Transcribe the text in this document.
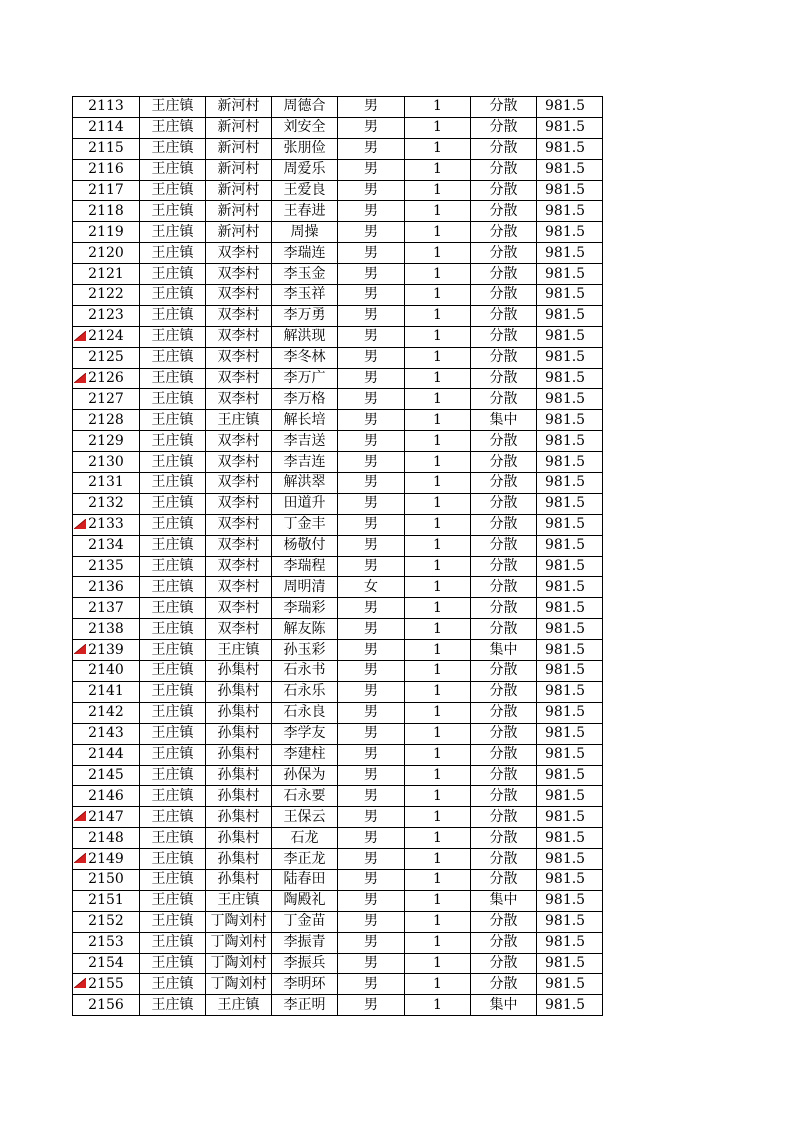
2113	王庄镇	新河村	周德合	男	1	分散	981.5
2114	王庄镇	新河村	刘安全	男	1	分散	981.5
2115	王庄镇	新河村	张朋俭	男	1	分散	981.5
2116	王庄镇	新河村	周爱乐	男	1	分散	981.5
2117	王庄镇	新河村	王爱良	男	1	分散	981.5
2118	王庄镇	新河村	王春进	男	1	分散	981.5
2119	王庄镇	新河村	周操	男	1	分散	981.5
2120	王庄镇	双李村	李瑞连	男	1	分散	981.5
2121	王庄镇	双李村	李玉金	男	1	分散	981.5
2122	王庄镇	双李村	李玉祥	男	1	分散	981.5
2123	王庄镇	双李村	李万勇	男	1	分散	981.5

2124	王庄镇	双李村	解洪现	男	1	分散	981.5
2125	王庄镇	双李村	李冬林	男	1	分散	981.5

2126	王庄镇	双李村	李万广	男	1	分散	981.5
2127	王庄镇	双李村	李万格	男	1	分散	981.5
2128	王庄镇	王庄镇	解长培	男	1	集中	981.5
2129	王庄镇	双李村	李吉送	男	1	分散	981.5
2130	王庄镇	双李村	李吉连	男	1	分散	981.5
2131	王庄镇	双李村	解洪翠	男	1	分散	981.5
2132	王庄镇	双李村	田道升	男	1	分散	981.5

2133	王庄镇	双李村	丁金丰	男	1	分散	981.5
2134	王庄镇	双李村	杨敬付	男	1	分散	981.5
2135	王庄镇	双李村	李瑞程	男	1	分散	981.5
2136	王庄镇	双李村	周明清	女	1	分散	981.5
2137	王庄镇	双李村	李瑞彩	男	1	分散	981.5
2138	王庄镇	双李村	解友陈	男	1	分散	981.5

2139	王庄镇	王庄镇	孙玉彩	男	1	集中	981.5
2140	王庄镇	孙集村	石永书	男	1	分散	981.5
2141	王庄镇	孙集村	石永乐	男	1	分散	981.5
2142	王庄镇	孙集村	石永良	男	1	分散	981.5
2143	王庄镇	孙集村	李学友	男	1	分散	981.5
2144	王庄镇	孙集村	李建柱	男	1	分散	981.5
2145	王庄镇	孙集村	孙保为	男	1	分散	981.5
2146	王庄镇	孙集村	石永要	男	1	分散	981.5

2147	王庄镇	孙集村	王保云	男	1	分散	981.5
2148	王庄镇	孙集村	石龙	男	1	分散	981.5

2149	王庄镇	孙集村	李正龙	男	1	分散	981.5
2150	王庄镇	孙集村	陆春田	男	1	分散	981.5
2151	王庄镇	王庄镇	陶殿礼	男	1	集中	981.5
2152	王庄镇	丁陶刘村	丁金苗	男	1	分散	981.5
2153	王庄镇	丁陶刘村	李振青	男	1	分散	981.5
2154	王庄镇	丁陶刘村	李振兵	男	1	分散	981.5

2155	王庄镇	丁陶刘村	李明环	男	1	分散	981.5
2156	王庄镇	王庄镇	李正明	男	1	集中	981.5
